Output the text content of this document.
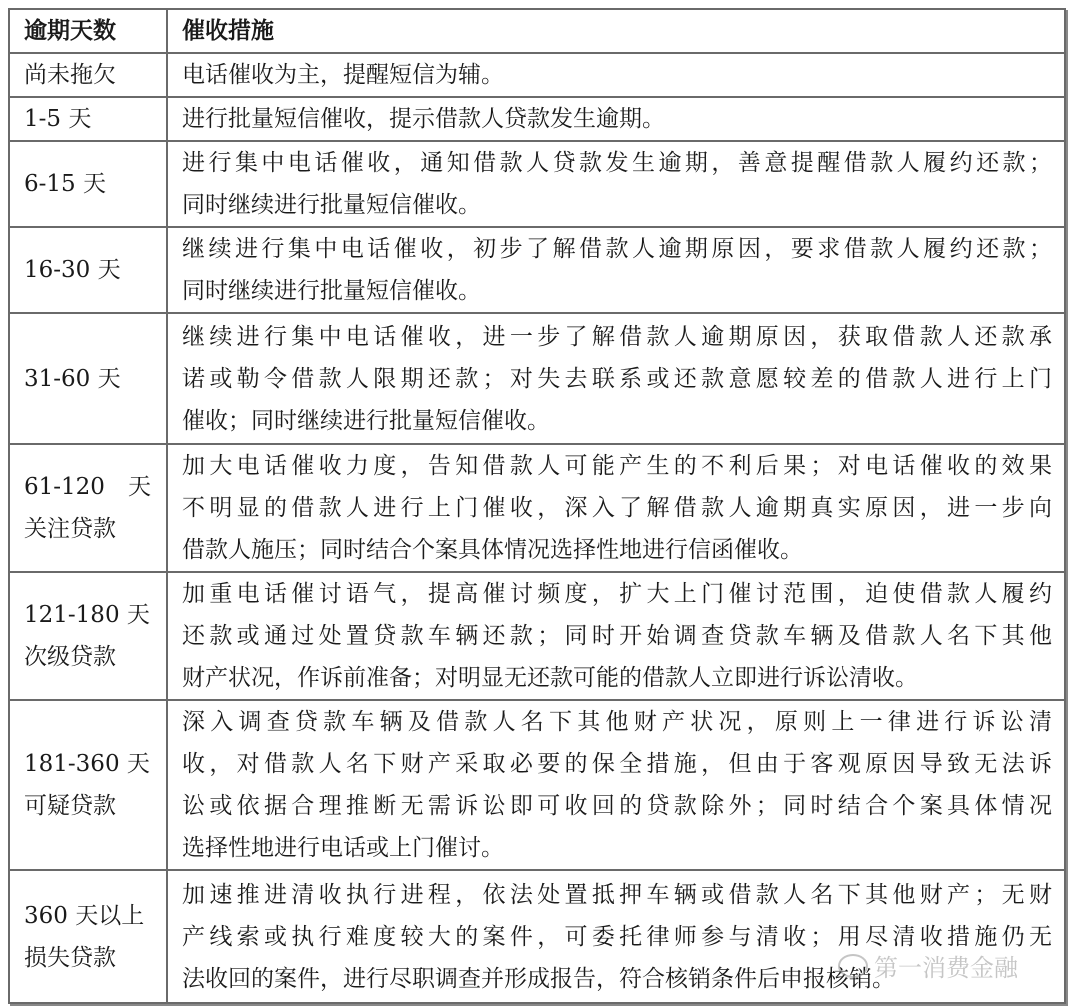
逾期天数	催收措施

尚未拖欠	电话催收为主，提醒短信为辅。

1-5 天	进行批量短信催收，提示借款人贷款发生逾期。

6-15 天	进行集中电话催收，通知借款人贷款发生逾期，善意提醒借款人履约还款；
同时继续进行批量短信催收。

16-30 天	继续进行集中电话催收，初步了解借款人逾期原因，要求借款人履约还款；
同时继续进行批量短信催收。

31-60 天	继续进行集中电话催收，进一步了解借款人逾期原因，获取借款人还款承
诺或勒令借款人限期还款；对失去联系或还款意愿较差的借款人进行上门
催收；同时继续进行批量短信催收。

61-120　天
关注贷款	加大电话催收力度，告知借款人可能产生的不利后果；对电话催收的效果
不明显的借款人进行上门催收，深入了解借款人逾期真实原因，进一步向
借款人施压；同时结合个案具体情况选择性地进行信函催收。

121-180 天
次级贷款	加重电话催讨语气，提高催讨频度，扩大上门催讨范围，迫使借款人履约
还款或通过处置贷款车辆还款；同时开始调查贷款车辆及借款人名下其他
财产状况，作诉前准备；对明显无还款可能的借款人立即进行诉讼清收。

181-360 天
可疑贷款	深入调查贷款车辆及借款人名下其他财产状况，原则上一律进行诉讼清
收，对借款人名下财产采取必要的保全措施，但由于客观原因导致无法诉
讼或依据合理推断无需诉讼即可收回的贷款除外；同时结合个案具体情况
选择性地进行电话或上门催讨。

360 天以上
损失贷款	加速推进清收执行进程，依法处置抵押车辆或借款人名下其他财产；无财
产线索或执行难度较大的案件，可委托律师参与清收；用尽清收措施仍无
法收回的案件，进行尽职调查并形成报告，符合核销条件后申报核销。
第一消费金融
